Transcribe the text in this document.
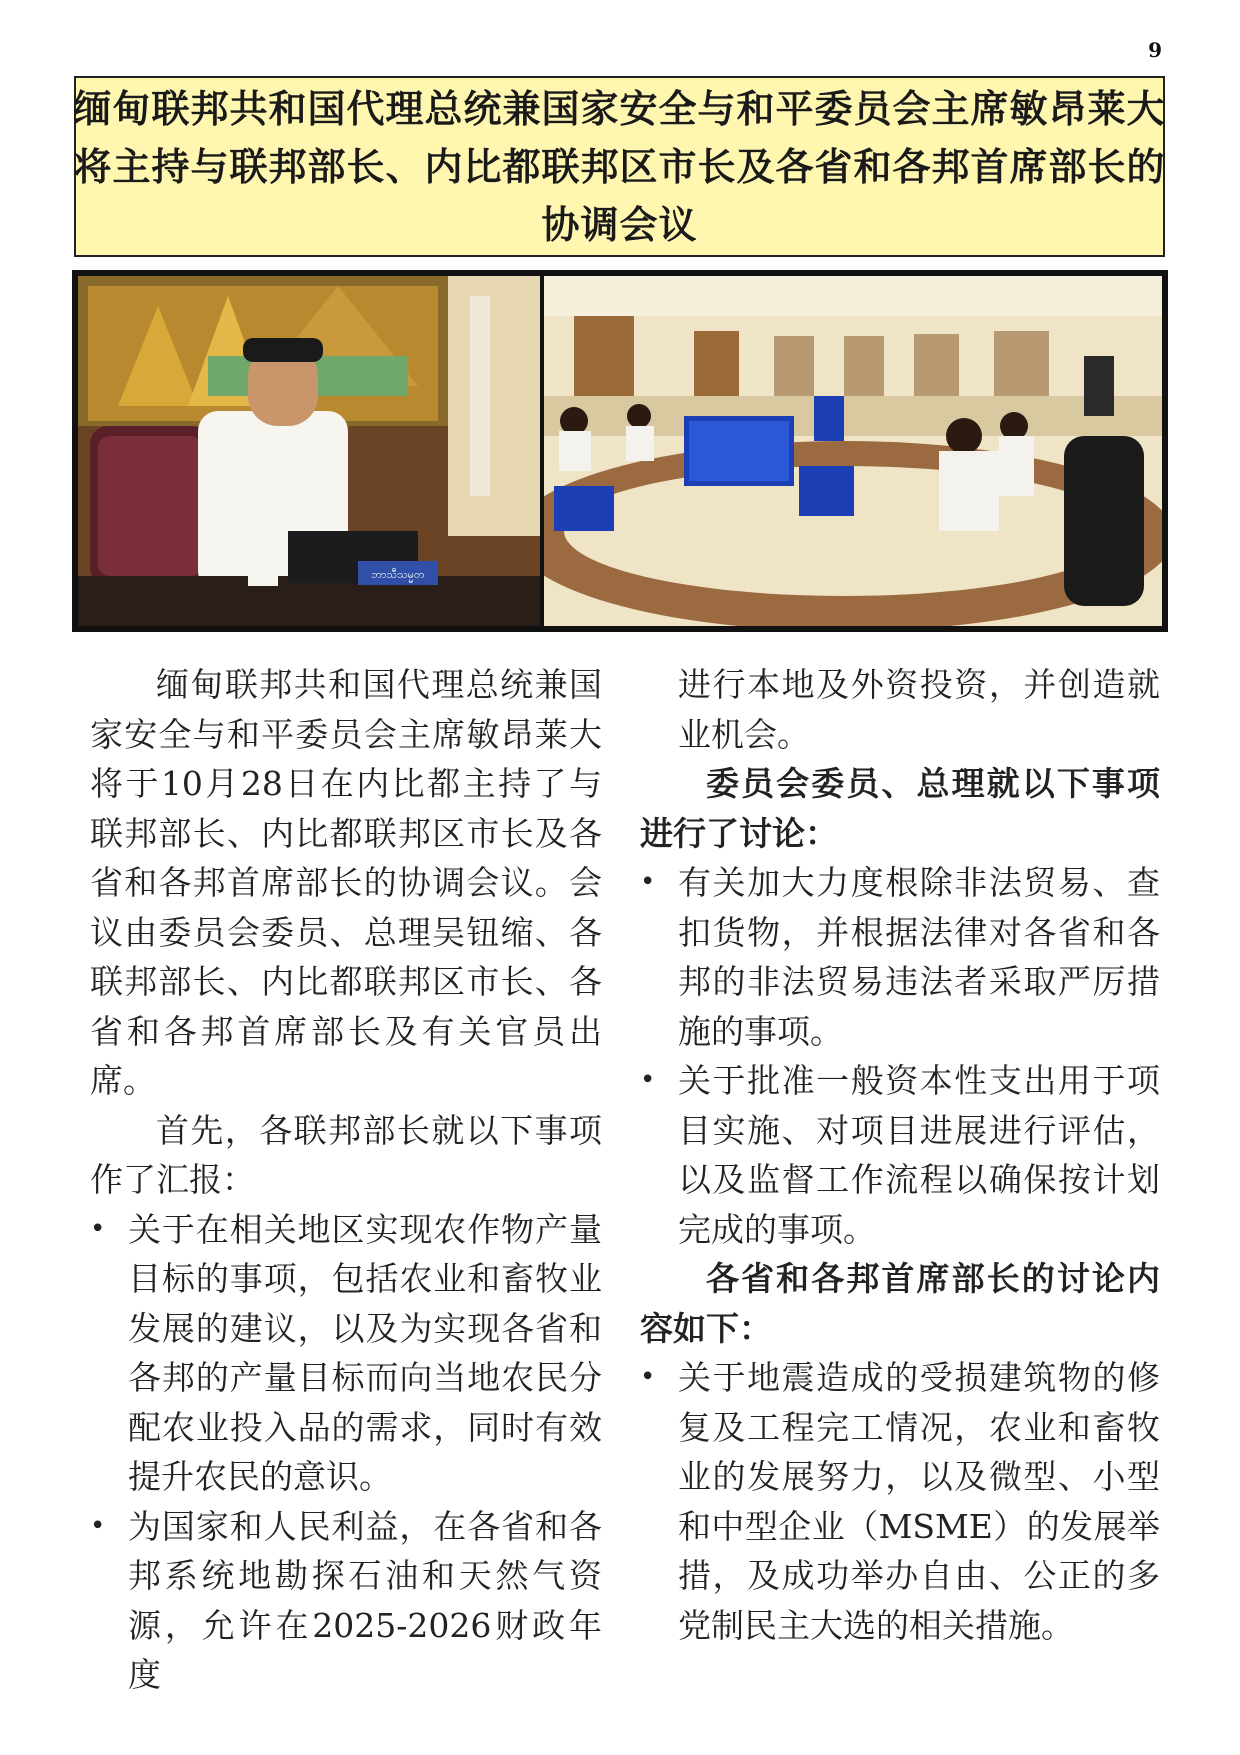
9
缅甸联邦共和国代理总统兼国家安全与和平委员会主席敏昂莱大
将主持与联邦部长、内比都联邦区市长及各省和各邦首席部长的
协调会议
ဘာသီသမ္မတ

缅甸联邦共和国代理总统兼国家安全与和平委员会主席敏昂莱大将于10月28日在内比都主持了与联邦部长、内比都联邦区市长及各省和各邦首席部长的协调会议。会议由委员会委员、总理吴钮缩、各联邦部长、内比都联邦区市长、各省和各邦首席部长及有关官员出席。

首先，各联邦部长就以下事项作了汇报：

• 关于在相关地区实现农作物产量目标的事项，包括农业和畜牧业发展的建议，以及为实现各省和各邦的产量目标而向当地农民分配农业投入品的需求，同时有效提升农民的意识。

• 为国家和人民利益，在各省和各邦系统地勘探石油和天然气资源，允许在2025-2026财政年度

进行本地及外资投资，并创造就业机会。

委员会委员、总理就以下事项进行了讨论：

• 有关加大力度根除非法贸易、查扣货物，并根据法律对各省和各邦的非法贸易违法者采取严厉措施的事项。

• 关于批准一般资本性支出用于项目实施、对项目进展进行评估，以及监督工作流程以确保按计划完成的事项。

各省和各邦首席部长的讨论内容如下：

• 关于地震造成的受损建筑物的修复及工程完工情况，农业和畜牧业的发展努力，以及微型、小型和中型企业（MSME）的发展举措，及成功举办自由、公正的多党制民主大选的相关措施。
